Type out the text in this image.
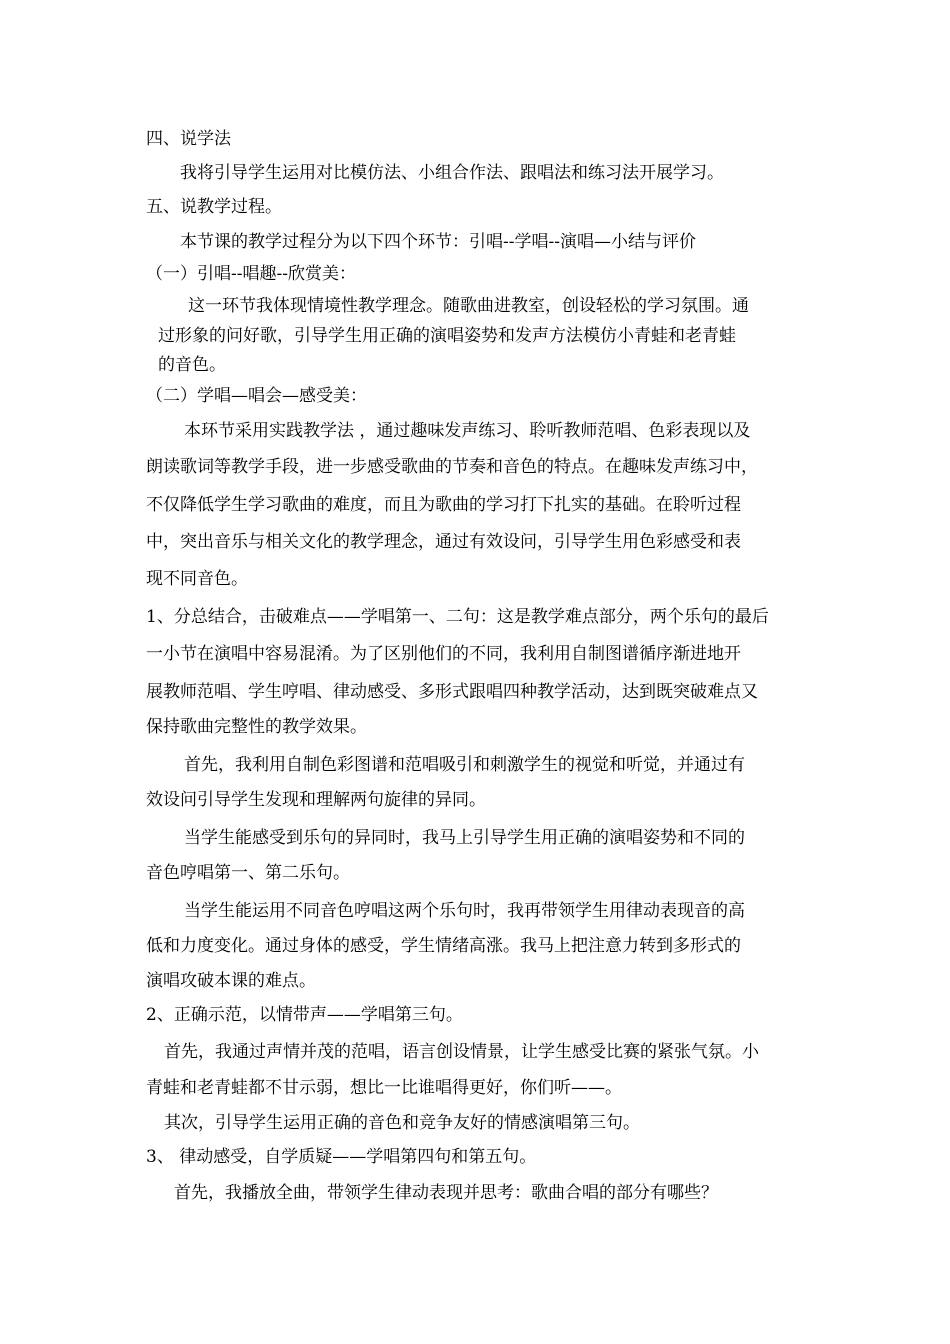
四、说学法
我将引导学生运用对比模仿法、小组合作法、跟唱法和练习法开展学习。
五、说教学过程。
本节课的教学过程分为以下四个环节：引唱--学唱--演唱—小结与评价
（一）引唱--唱趣--欣赏美：
这一环节我体现情境性教学理念。随歌曲进教室，创设轻松的学习氛围。通
过形象的问好歌，引导学生用正确的演唱姿势和发声方法模仿小青蛙和老青蛙
的音色。
（二）学唱—唱会—感受美：
本环节采用实践教学法 ，通过趣味发声练习、聆听教师范唱、色彩表现以及
朗读歌词等教学手段，进一步感受歌曲的节奏和音色的特点。在趣味发声练习中，
不仅降低学生学习歌曲的难度，而且为歌曲的学习打下扎实的基础。在聆听过程
中，突出音乐与相关文化的教学理念，通过有效设问，引导学生用色彩感受和表
现不同音色。
1、分总结合，击破难点——学唱第一、二句：这是教学难点部分，两个乐句的最后
一小节在演唱中容易混淆。为了区别他们的不同，我利用自制图谱循序渐进地开
展教师范唱、学生哼唱、律动感受、多形式跟唱四种教学活动，达到既突破难点又
保持歌曲完整性的教学效果。
首先，我利用自制色彩图谱和范唱吸引和刺激学生的视觉和听觉，并通过有
效设问引导学生发现和理解两句旋律的异同。
当学生能感受到乐句的异同时，我马上引导学生用正确的演唱姿势和不同的
音色哼唱第一、第二乐句。
当学生能运用不同音色哼唱这两个乐句时，我再带领学生用律动表现音的高
低和力度变化。通过身体的感受，学生情绪高涨。我马上把注意力转到多形式的
演唱攻破本课的难点。
2、正确示范，以情带声——学唱第三句。
首先，我通过声情并茂的范唱，语言创设情景，让学生感受比赛的紧张气氛。小
青蛙和老青蛙都不甘示弱，想比一比谁唱得更好，你们听——。
其次，引导学生运用正确的音色和竞争友好的情感演唱第三句。
3、 律动感受，自学质疑——学唱第四句和第五句。
首先，我播放全曲，带领学生律动表现并思考：歌曲合唱的部分有哪些？
